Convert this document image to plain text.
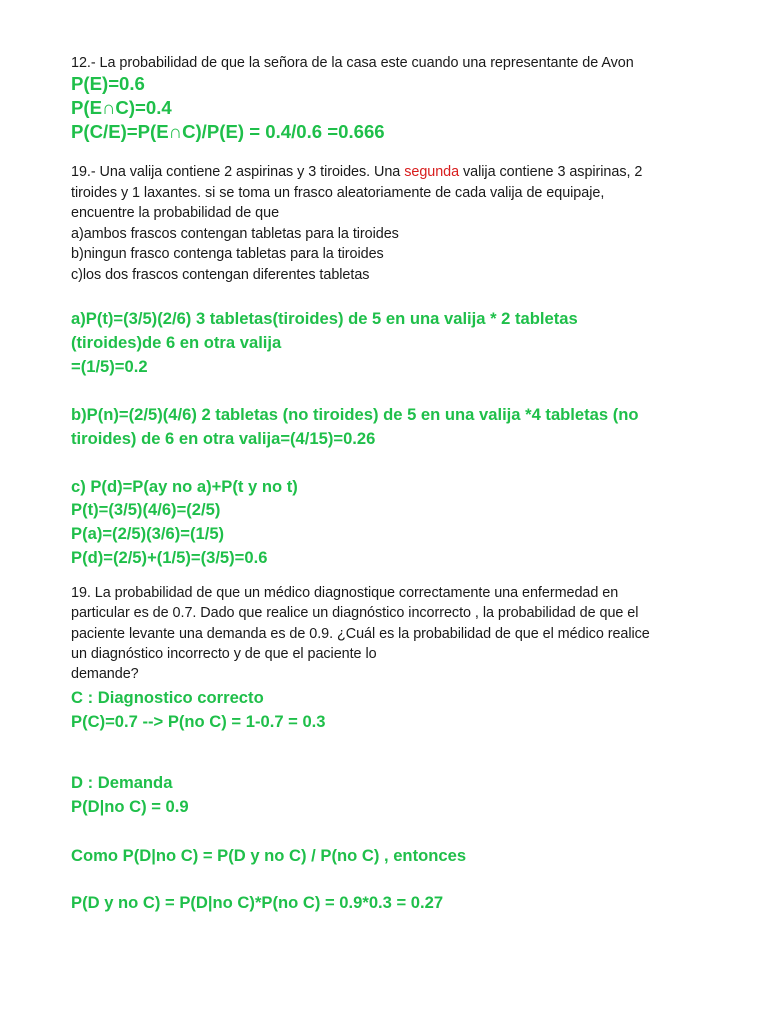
12.- La probabilidad de que la señora de la casa este cuando una representante de Avon

P(E)=0.6

P(E∩C)=0.4

P(C/E)=P(E∩C)/P(E) = 0.4/0.6 =0.666

19.- Una valija contiene 2 aspirinas y 3 tiroides. Una segunda valija contiene 3 aspirinas, 2

tiroides y 1 laxantes. si se toma un frasco aleatoriamente de cada valija de equipaje,

encuentre la probabilidad de que

a)ambos frascos contengan tabletas para la tiroides

b)ningun frasco contenga tabletas para la tiroides

c)los dos frascos contengan diferentes tabletas

a)P(t)=(3/5)(2/6) 3 tabletas(tiroides) de 5 en una valija * 2 tabletas

(tiroides)de 6 en otra valija

=(1/5)=0.2

b)P(n)=(2/5)(4/6) 2 tabletas (no tiroides) de 5 en una valija *4 tabletas (no

tiroides) de 6 en otra valija=(4/15)=0.26

c) P(d)=P(ay no a)+P(t y no t)

P(t)=(3/5)(4/6)=(2/5)

P(a)=(2/5)(3/6)=(1/5)

P(d)=(2/5)+(1/5)=(3/5)=0.6

19. La probabilidad de que un médico diagnostique correctamente una enfermedad en

particular es de 0.7. Dado que realice un diagnóstico incorrecto , la probabilidad de que el

paciente levante una demanda es de 0.9. ¿Cuál es la probabilidad de que el médico realice

un diagnóstico incorrecto y de que el paciente lo

demande?

C : Diagnostico correcto

P(C)=0.7 --> P(no C) = 1-0.7 = 0.3

D : Demanda

P(D|no C) = 0.9

Como P(D|no C) = P(D y no C) / P(no C) , entonces

P(D y no C) = P(D|no C)*P(no C) = 0.9*0.3 = 0.27
